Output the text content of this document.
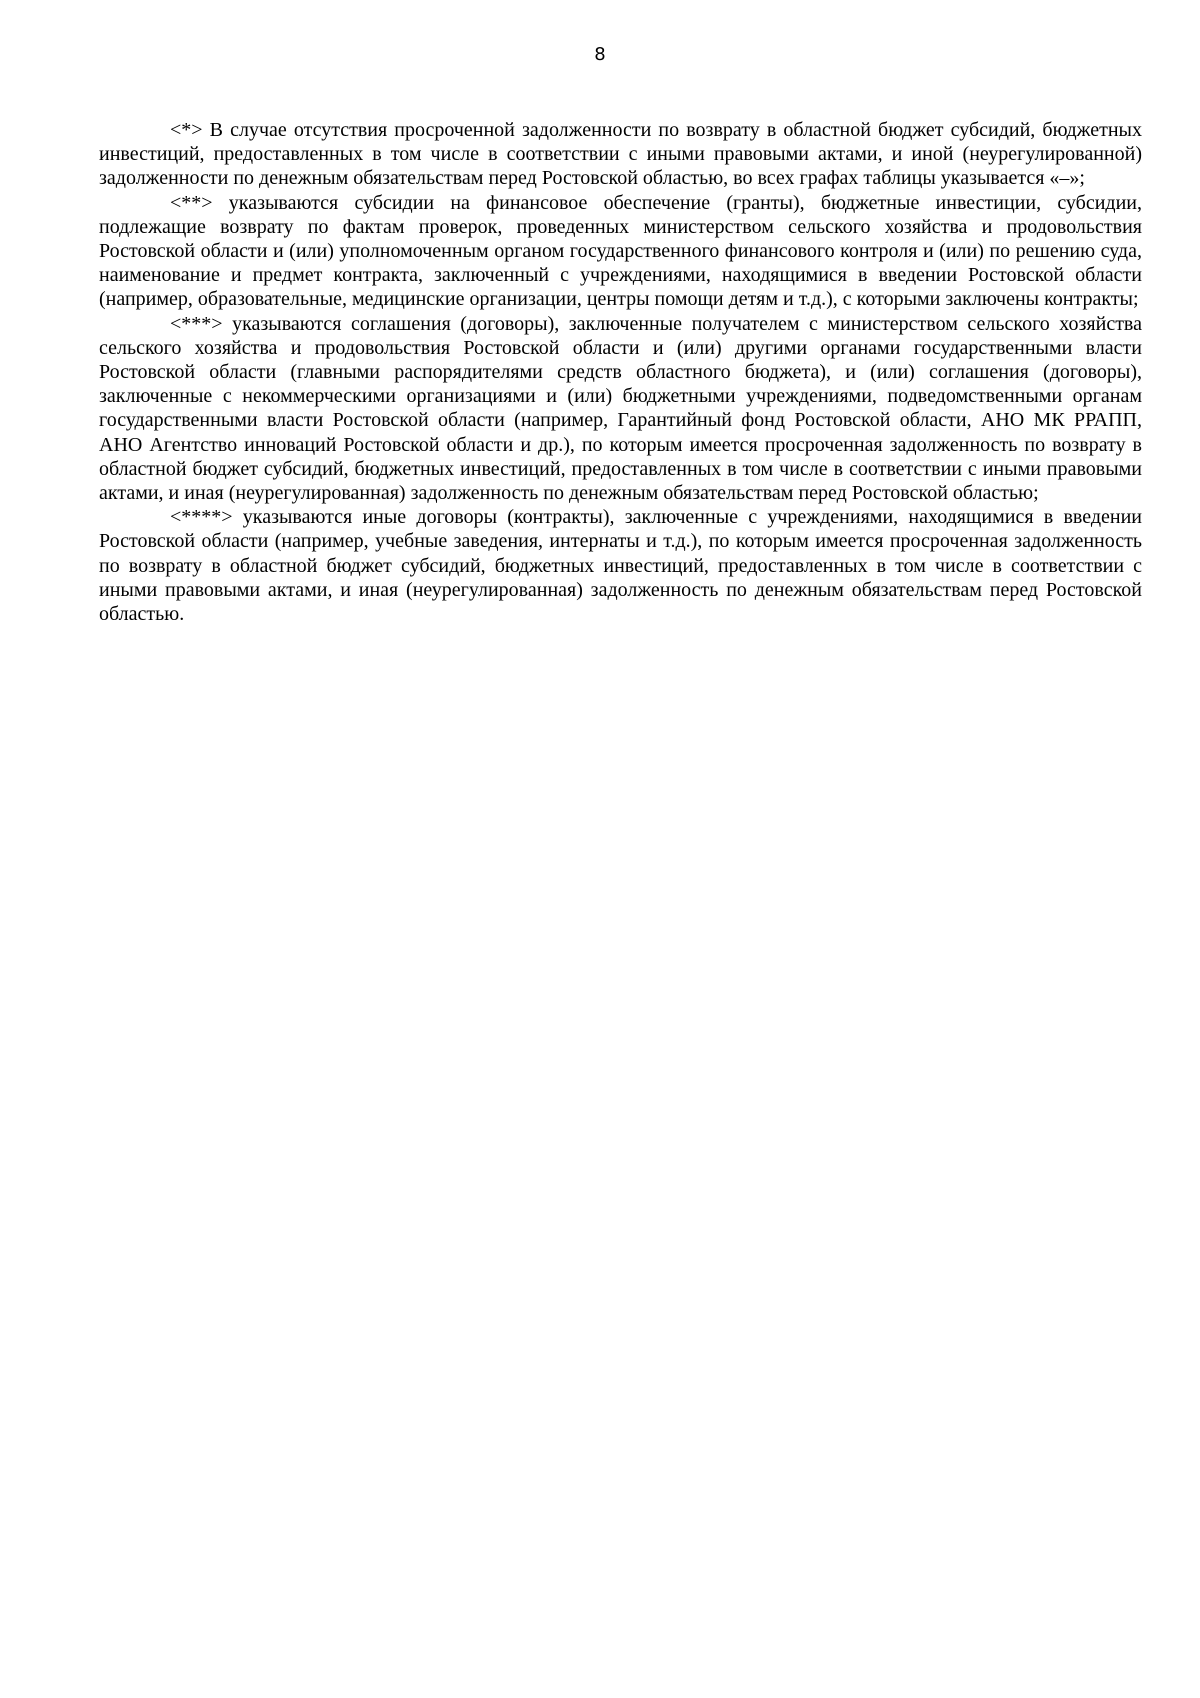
8

<*> В случае отсутствия просроченной задолженности по возврату в областной бюджет субсидий, бюджетных инвестиций, предоставленных в том числе в соответствии с иными правовыми актами, и иной (неурегулированной) задолженности по денежным обязательствам перед Ростовской областью, во всех графах таблицы указывается «–»;

<**> указываются субсидии на финансовое обеспечение (гранты), бюджетные инвестиции, субсидии, подлежащие возврату по фактам проверок, проведенных министерством сельского хозяйства и продовольствия Ростовской области и (или) уполномоченным органом государственного финансового контроля и (или) по решению суда, наименование и предмет контракта, заключенный с учреждениями, находящимися в введении Ростовской области (например, образовательные, медицинские организации, центры помощи детям и т.д.), с которыми заключены контракты;

<***> указываются соглашения (договоры), заключенные получателем с министерством сельского хозяйства сельского хозяйства и продовольствия Ростовской области и (или) другими органами государственными власти Ростовской области (главными распорядителями средств областного бюджета), и (или) соглашения (договоры), заключенные с некоммерческими организациями и (или) бюджетными учреждениями, подведомственными органам государственными власти Ростовской области (например, Гарантийный фонд Ростовской области, АНО МК РРАПП, АНО Агентство инноваций Ростовской области и др.), по которым имеется просроченная задолженность по возврату в областной бюджет субсидий, бюджетных инвестиций, предоставленных в том числе в соответствии с иными правовыми актами, и иная (неурегулированная) задолженность по денежным обязательствам перед Ростовской областью;

<****> указываются иные договоры (контракты), заключенные с учреждениями, находящимися в введении Ростовской области (например, учебные заведения, интернаты и т.д.), по которым имеется просроченная задолженность по возврату в областной бюджет субсидий, бюджетных инвестиций, предоставленных в том числе в соответствии с иными правовыми актами, и иная (неурегулированная) задолженность по денежным обязательствам перед Ростовской областью.
